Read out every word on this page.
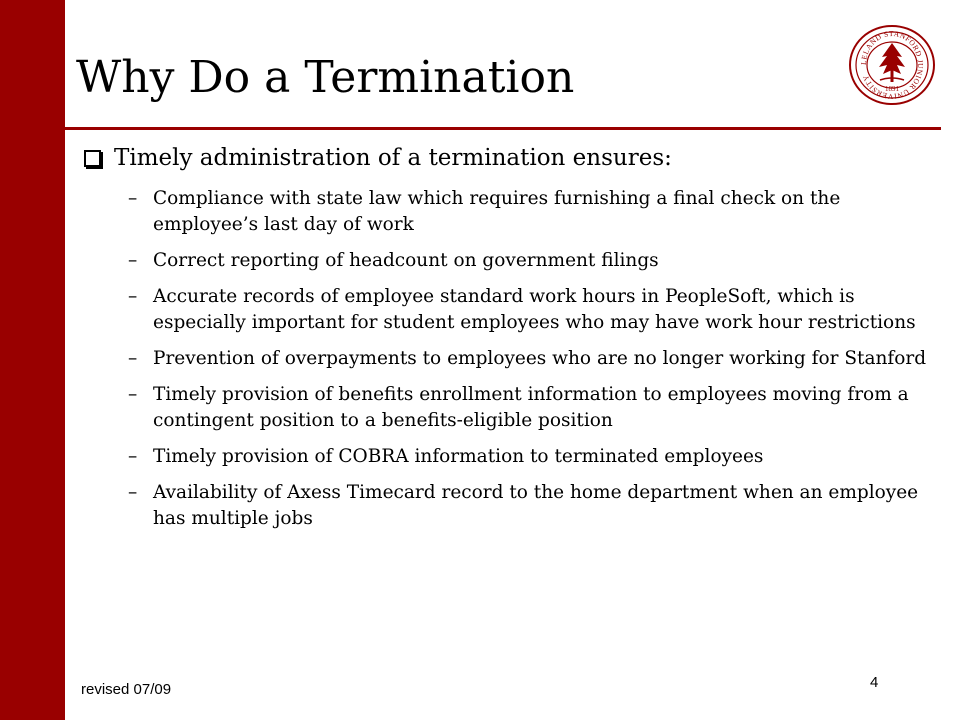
Why Do a Termination	LELAND STANFORD JUNIOR UNIVERSITY
1891
Timely administration of a termination ensures:
– Compliance with state law which requires furnishing a final check on the employee’s last day of work
– Correct reporting of headcount on government filings
– Accurate records of employee standard work hours in PeopleSoft, which is especially important for student employees who may have work hour restrictions
– Prevention of overpayments to employees who are no longer working for Stanford
– Timely provision of benefits enrollment information to employees moving from a contingent position to a benefits-eligible position
– Timely provision of COBRA information to terminated employees
– Availability of Axess Timecard record to the home department when an employee has multiple jobs
revised 07/09	4
